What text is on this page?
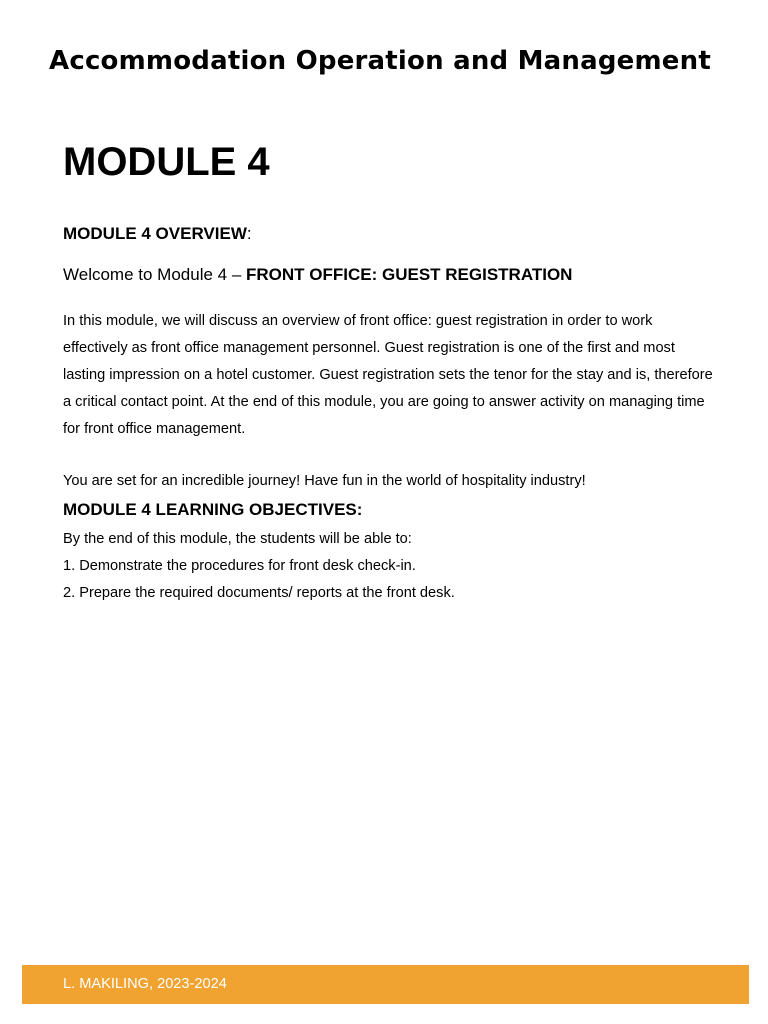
Accommodation Operation and Management
MODULE 4
MODULE 4 OVERVIEW:
Welcome to Module 4 – FRONT OFFICE: GUEST REGISTRATION

In this module, we will discuss an overview of front office: guest registration in order to work effectively as front office management personnel. Guest registration is one of the first and most lasting impression on a hotel customer. Guest registration sets the tenor for the stay and is, therefore a critical contact point. At the end of this module, you are going to answer activity on managing time for front office management.

You are set for an incredible journey! Have fun in the world of hospitality industry!
MODULE 4 LEARNING OBJECTIVES:
By the end of this module, the students will be able to:
1. Demonstrate the procedures for front desk check-in.
2. Prepare the required documents/ reports at the front desk.
L. MAKILING, 2023-2024
